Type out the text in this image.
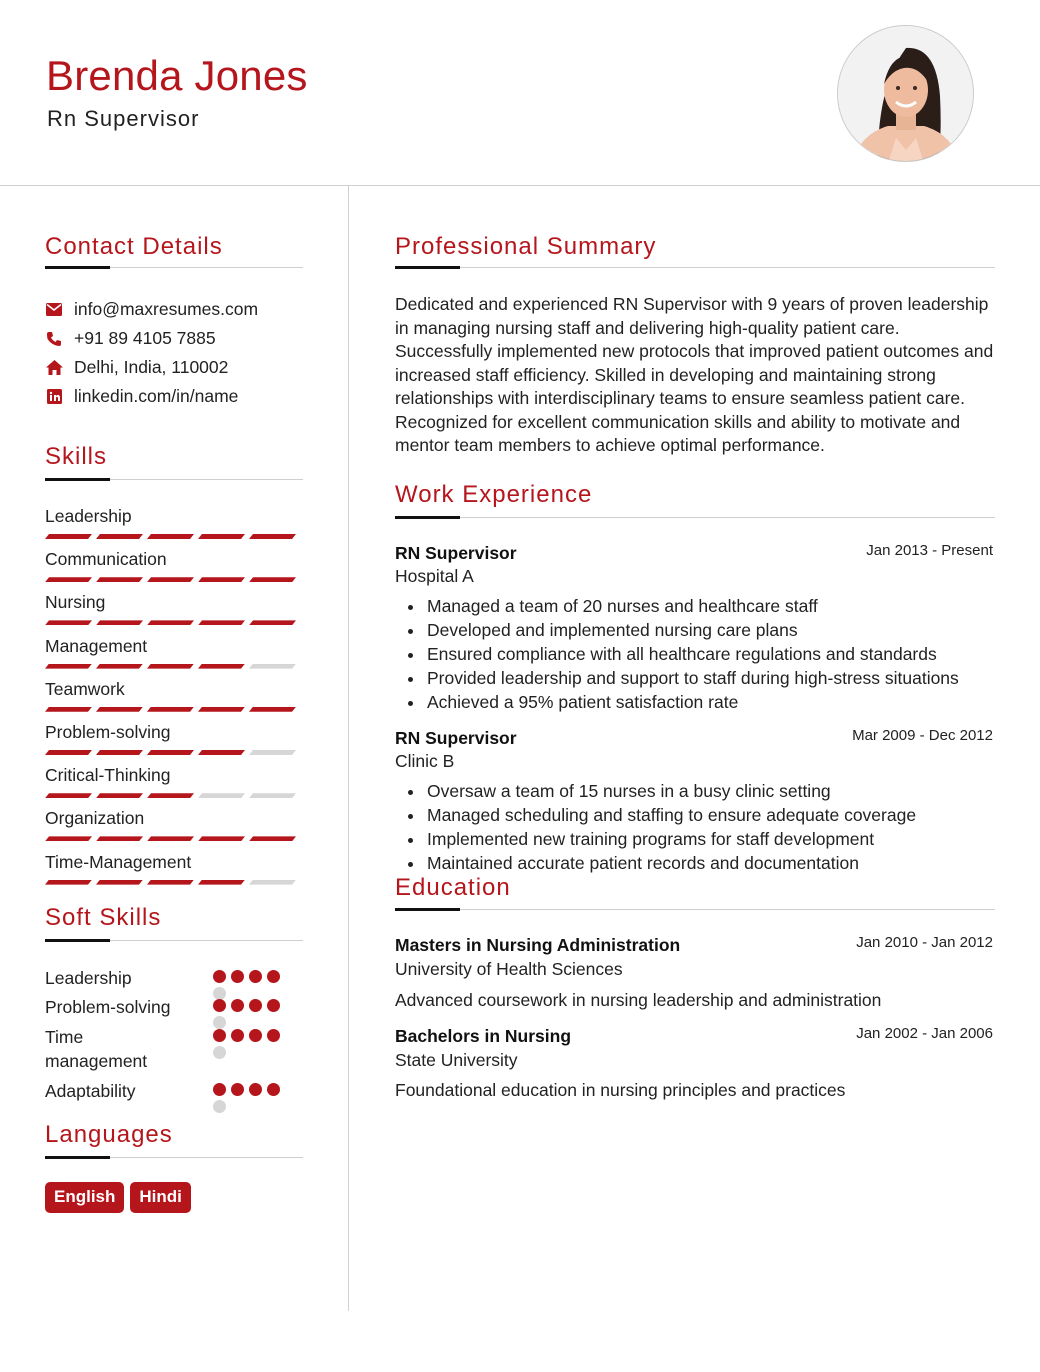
Brenda Jones
Rn Supervisor
Contact Details
info@maxresumes.com
+91 89 4105 7885
Delhi, India, 110002
linkedin.com/in/name
Skills
Leadership
Communication
Nursing
Management
Teamwork
Problem-solving
Critical-Thinking
Organization
Time-Management
Soft Skills
Leadership
Problem-solving
Time management
Adaptability
Languages
English	Hindi
Professional Summary
Dedicated and experienced RN Supervisor with 9 years of proven leadership in managing nursing staff and delivering high-quality patient care. Successfully implemented new protocols that improved patient outcomes and increased staff efficiency. Skilled in developing and maintaining strong relationships with interdisciplinary teams to ensure seamless patient care. Recognized for excellent communication skills and ability to motivate and mentor team members to achieve optimal performance.
Work Experience
RN Supervisor	Jan 2013 - Present
Hospital A
Managed a team of 20 nurses and healthcare staff
Developed and implemented nursing care plans
Ensured compliance with all healthcare regulations and standards
Provided leadership and support to staff during high-stress situations
Achieved a 95% patient satisfaction rate
RN Supervisor	Mar 2009 - Dec 2012
Clinic B
Oversaw a team of 15 nurses in a busy clinic setting
Managed scheduling and staffing to ensure adequate coverage
Implemented new training programs for staff development
Maintained accurate patient records and documentation
Education
Masters in Nursing Administration	Jan 2010 - Jan 2012
University of Health Sciences
Advanced coursework in nursing leadership and administration
Bachelors in Nursing	Jan 2002 - Jan 2006
State University
Foundational education in nursing principles and practices
